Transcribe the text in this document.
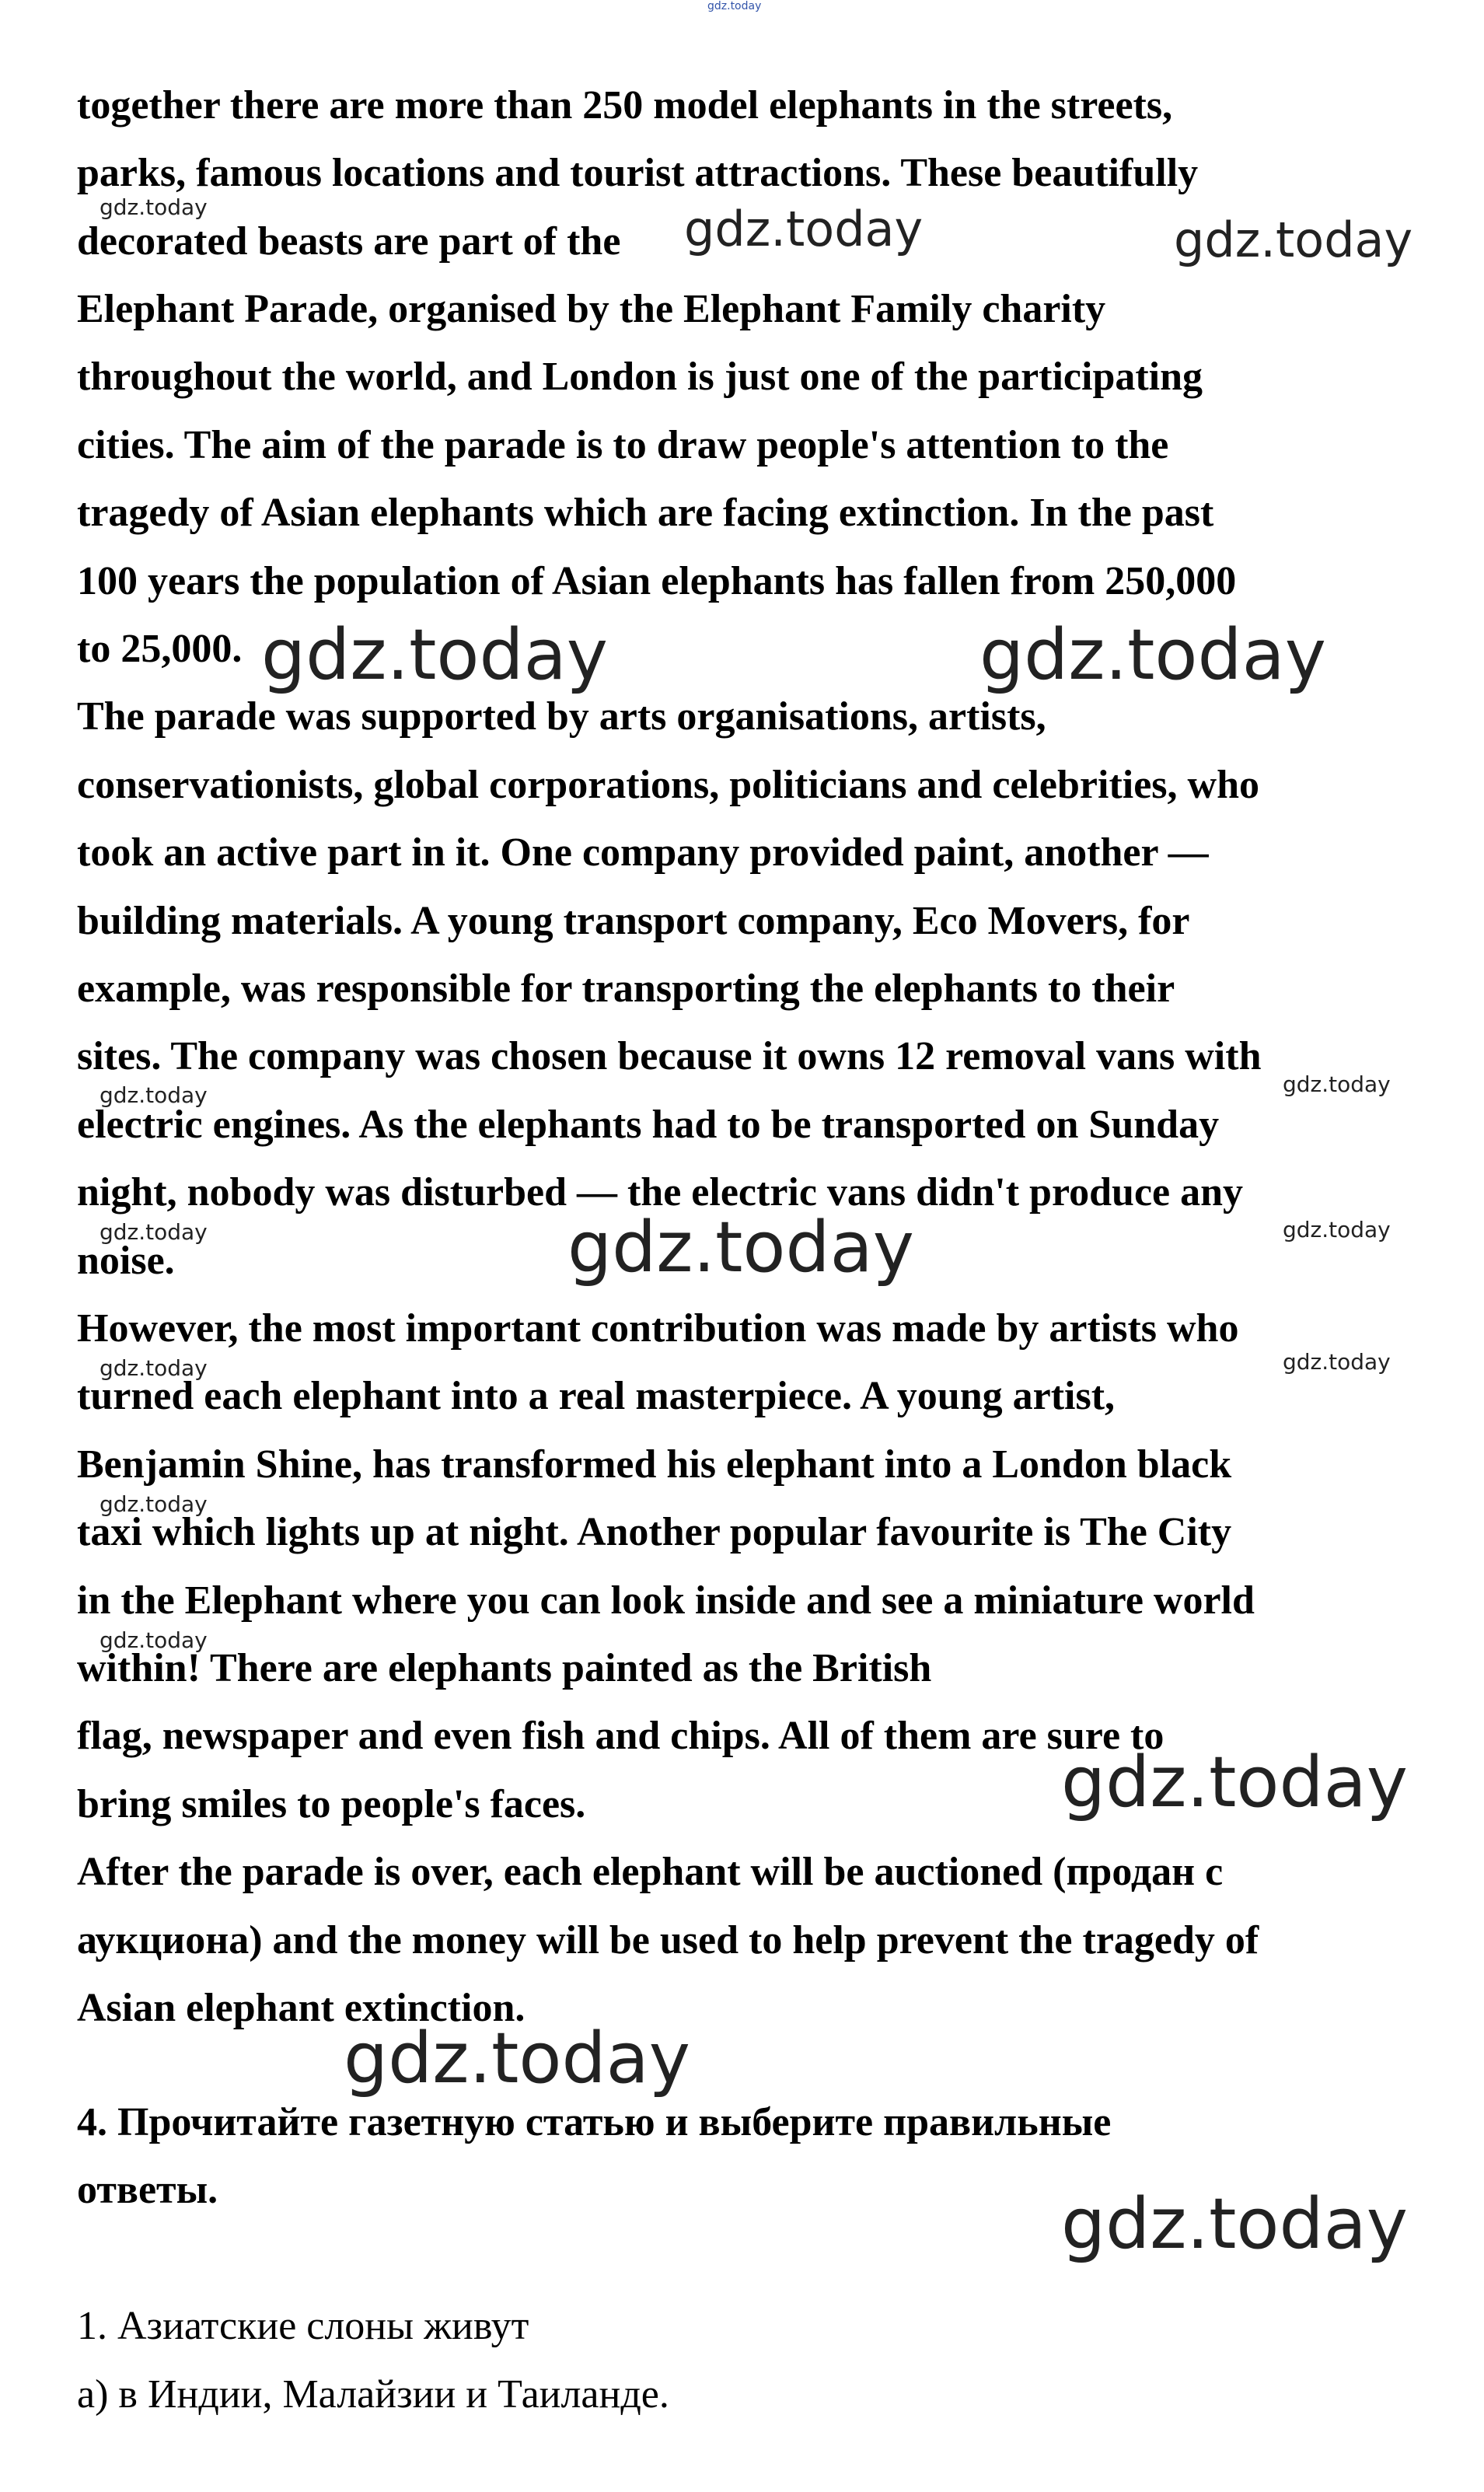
gdz.today
together there are more than 250 model elephants in the streets,
parks, famous locations and tourist attractions. These beautifully
decorated beasts are part of the
Elephant Parade, organised by the Elephant Family charity
throughout the world, and London is just one of the participating
cities. The aim of the parade is to draw people's attention to the
tragedy of Asian elephants which are facing extinction. In the past
100 years the population of Asian elephants has fallen from 250,000
to 25,000.
The parade was supported by arts organisations, artists,
conservationists, global corporations, politicians and celebrities, who
took an active part in it. One company provided paint, another —
building materials. A young transport company, Eco Movers, for
example, was responsible for transporting the elephants to their
sites. The company was chosen because it owns 12 removal vans with
electric engines. As the elephants had to be transported on Sunday
night, nobody was disturbed — the electric vans didn't produce any
noise.
However, the most important contribution was made by artists who
turned each elephant into a real masterpiece. A young artist,
Benjamin Shine, has transformed his elephant into a London black
taxi which lights up at night. Another popular favourite is The City
in the Elephant where you can look inside and see a miniature world
within! There are elephants painted as the British
flag, newspaper and even fish and chips. All of them are sure to
bring smiles to people's faces.
After the parade is over, each elephant will be auctioned (продан с
аукциона) and the money will be used to help prevent the tragedy of
Asian elephant extinction.
4. Прочитайте газетную статью и выберите правильные
ответы.
1. Азиатские слоны живут
а) в Индии, Малайзии и Таиланде.
gdz.today	gdz.today	gdz.today
gdz.today	gdz.today
gdz.today	gdz.today
gdz.today	gdz.today
gdz.today
gdz.today	gdz.today
gdz.today
gdz.today
gdz.today
gdz.today
gdz.today
